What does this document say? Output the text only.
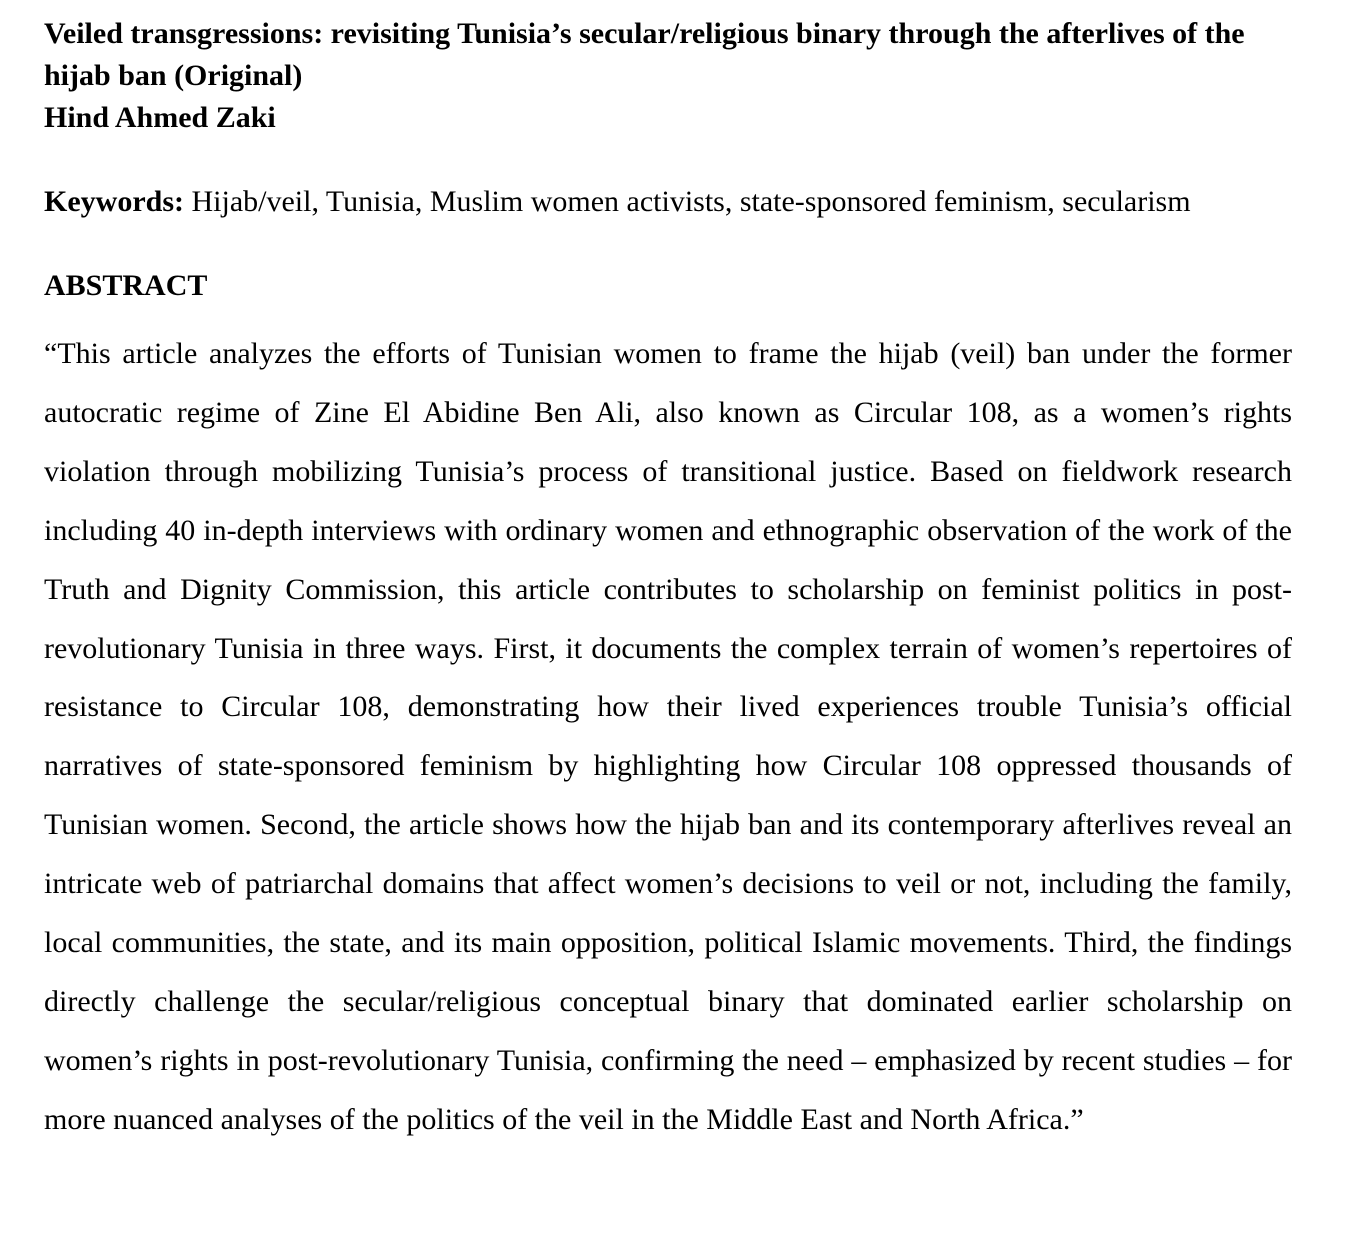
Veiled transgressions: revisiting Tunisia’s secular/religious binary through the afterlives of the hijab ban (Original)

Hind Ahmed Zaki

Keywords: Hijab/veil, Tunisia, Muslim women activists, state-sponsored feminism, secularism

ABSTRACT

“This article analyzes the efforts of Tunisian women to frame the hijab (veil) ban under the former autocratic regime of Zine El Abidine Ben Ali, also known as Circular 108, as a women’s rights violation through mobilizing Tunisia’s process of transitional justice. Based on fieldwork research including 40 in-depth interviews with ordinary women and ethnographic observation of the work of the Truth and Dignity Commission, this article contributes to scholarship on feminist politics in post-revolutionary Tunisia in three ways. First, it documents the complex terrain of women’s repertoires of resistance to Circular 108, demonstrating how their lived experiences trouble Tunisia’s official narratives of state-sponsored feminism by highlighting how Circular 108 oppressed thousands of Tunisian women. Second, the article shows how the hijab ban and its contemporary afterlives reveal an intricate web of patriarchal domains that affect women’s decisions to veil or not, including the family, local communities, the state, and its main opposition, political Islamic movements. Third, the findings directly challenge the secular/religious conceptual binary that dominated earlier scholarship on women’s rights in post-revolutionary Tunisia, confirming the need – emphasized by recent studies – for more nuanced analyses of the politics of the veil in the Middle East and North Africa.”
